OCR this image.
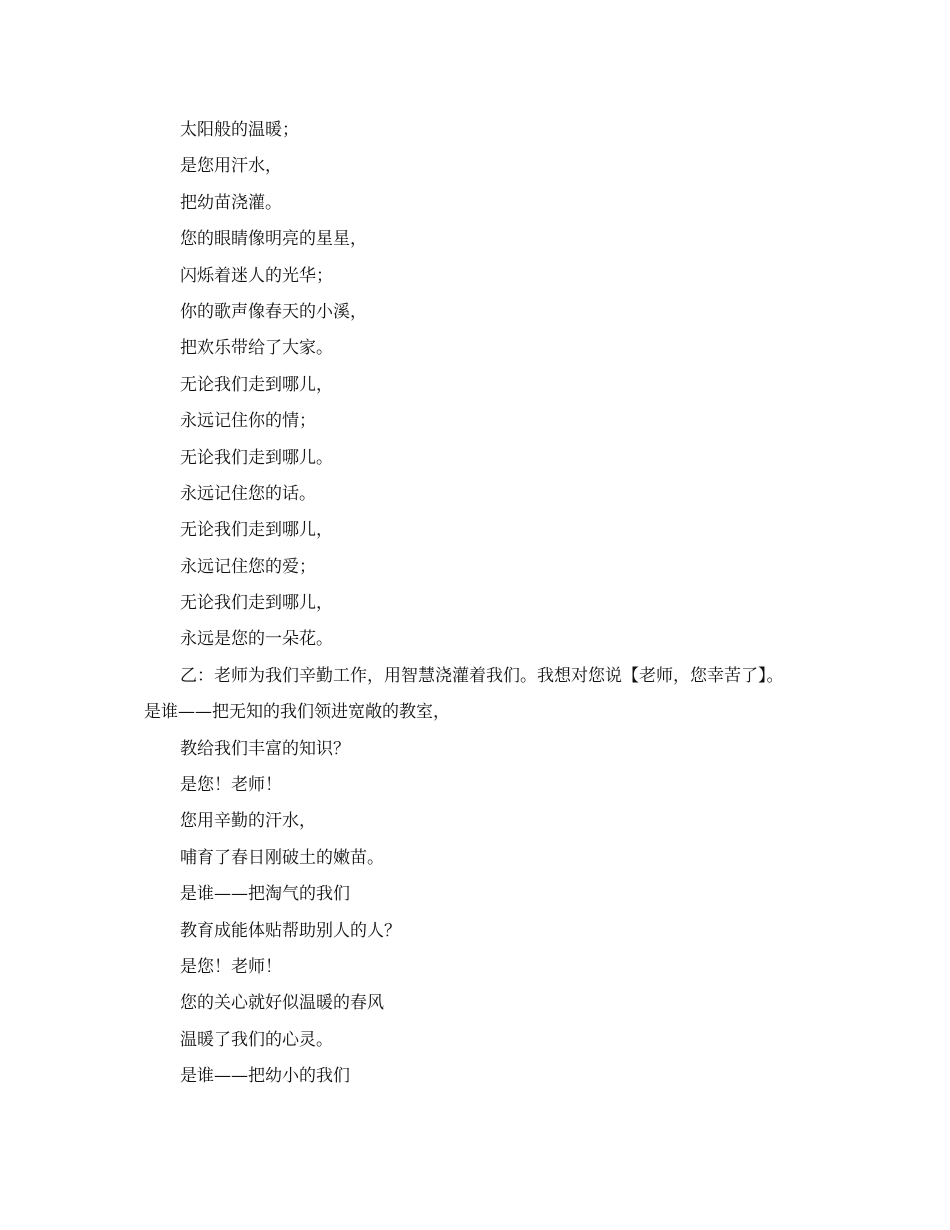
太阳般的温暖；
是您用汗水，
把幼苗浇灌。
您的眼睛像明亮的星星，
闪烁着迷人的光华；
你的歌声像春天的小溪，
把欢乐带给了大家。
无论我们走到哪儿，
永远记住你的情；
无论我们走到哪儿。
永远记住您的话。
无论我们走到哪儿，
永远记住您的爱；
无论我们走到哪儿，
永远是您的一朵花。
乙：老师为我们辛勤工作，用智慧浇灌着我们。我想对您说【老师，您幸苦了】。 是谁——把无知的我们领进宽敞的教室，
教给我们丰富的知识？
是您！老师！
您用辛勤的汗水，
哺育了春日刚破土的嫩苗。
是谁——把淘气的我们
教育成能体贴帮助别人的人？
是您！老师！
您的关心就好似温暖的春风
温暖了我们的心灵。
是谁——把幼小的我们
